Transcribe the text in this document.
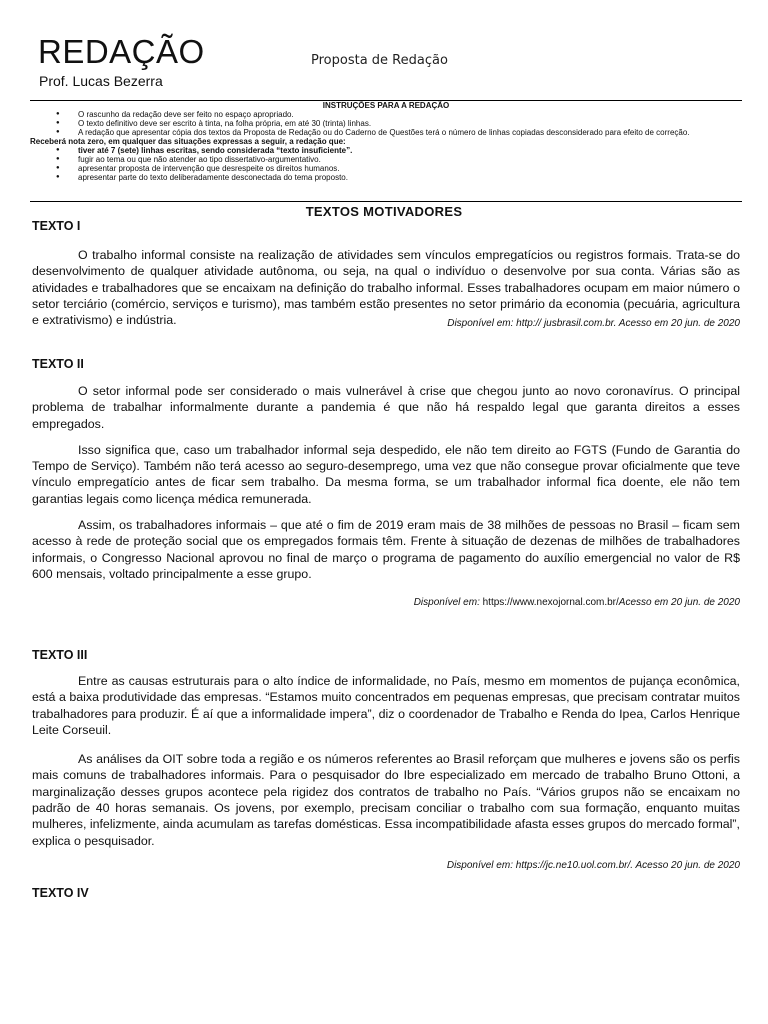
REDAÇÃO
Prof. Lucas Bezerra
Proposta de Redação
INSTRUÇÕES PARA A REDAÇÃO
● O rascunho da redação deve ser feito no espaço apropriado.
● O texto definitivo deve ser escrito à tinta, na folha própria, em até 30 (trinta) linhas.
● A redação que apresentar cópia dos textos da Proposta de Redação ou do Caderno de Questões terá o número de linhas copiadas desconsiderado para efeito de correção.
Receberá nota zero, em qualquer das situações expressas a seguir, a redação que:
● tiver até 7 (sete) linhas escritas, sendo considerada “texto insuficiente”.
● fugir ao tema ou que não atender ao tipo dissertativo-argumentativo.
● apresentar proposta de intervenção que desrespeite os direitos humanos.
● apresentar parte do texto deliberadamente desconectada do tema proposto.
TEXTOS MOTIVADORES
TEXTO I

O trabalho informal consiste na realização de atividades sem vínculos empregatícios ou registros formais. Trata-se do desenvolvimento de qualquer atividade autônoma, ou seja, na qual o indivíduo o desenvolve por sua conta. Várias são as atividades e trabalhadores que se encaixam na definição do trabalho informal. Esses trabalhadores ocupam em maior número o setor terciário (comércio, serviços e turismo), mas também estão presentes no setor primário da economia (pecuária, agricultura e extrativismo) e indústria.	Disponível em: http:// jusbrasil.com.br. Acesso em 20 jun. de 2020
TEXTO II

O setor informal pode ser considerado o mais vulnerável à crise que chegou junto ao novo coronavírus. O principal problema de trabalhar informalmente durante a pandemia é que não há respaldo legal que garanta direitos a esses empregados.

Isso significa que, caso um trabalhador informal seja despedido, ele não tem direito ao FGTS (Fundo de Garantia do Tempo de Serviço). Também não terá acesso ao seguro-desemprego, uma vez que não consegue provar oficialmente que teve vínculo empregatício antes de ficar sem trabalho. Da mesma forma, se um trabalhador informal fica doente, ele não tem garantias legais como licença médica remunerada.

Assim, os trabalhadores informais – que até o fim de 2019 eram mais de 38 milhões de pessoas no Brasil – ficam sem acesso à rede de proteção social que os empregados formais têm. Frente à situação de dezenas de milhões de trabalhadores informais, o Congresso Nacional aprovou no final de março o programa de pagamento do auxílio emergencial no valor de R$ 600 mensais, voltado principalmente a esse grupo.

Disponível em: https://www.nexojornal.com.br/Acesso em 20 jun. de 2020
TEXTO III

Entre as causas estruturais para o alto índice de informalidade, no País, mesmo em momentos de pujança econômica, está a baixa produtividade das empresas. “Estamos muito concentrados em pequenas empresas, que precisam contratar muitos trabalhadores para produzir. É aí que a informalidade impera”, diz o coordenador de Trabalho e Renda do Ipea, Carlos Henrique Leite Corseuil.

As análises da OIT sobre toda a região e os números referentes ao Brasil reforçam que mulheres e jovens são os perfis mais comuns de trabalhadores informais. Para o pesquisador do Ibre especializado em mercado de trabalho Bruno Ottoni, a marginalização desses grupos acontece pela rigidez dos contratos de trabalho no País. “Vários grupos não se encaixam no padrão de 40 horas semanais. Os jovens, por exemplo, precisam conciliar o trabalho com sua formação, enquanto muitas mulheres, infelizmente, ainda acumulam as tarefas domésticas. Essa incompatibilidade afasta esses grupos do mercado formal”, explica o pesquisador.

Disponível em: https://jc.ne10.uol.com.br/. Acesso 20 jun. de 2020
TEXTO IV
